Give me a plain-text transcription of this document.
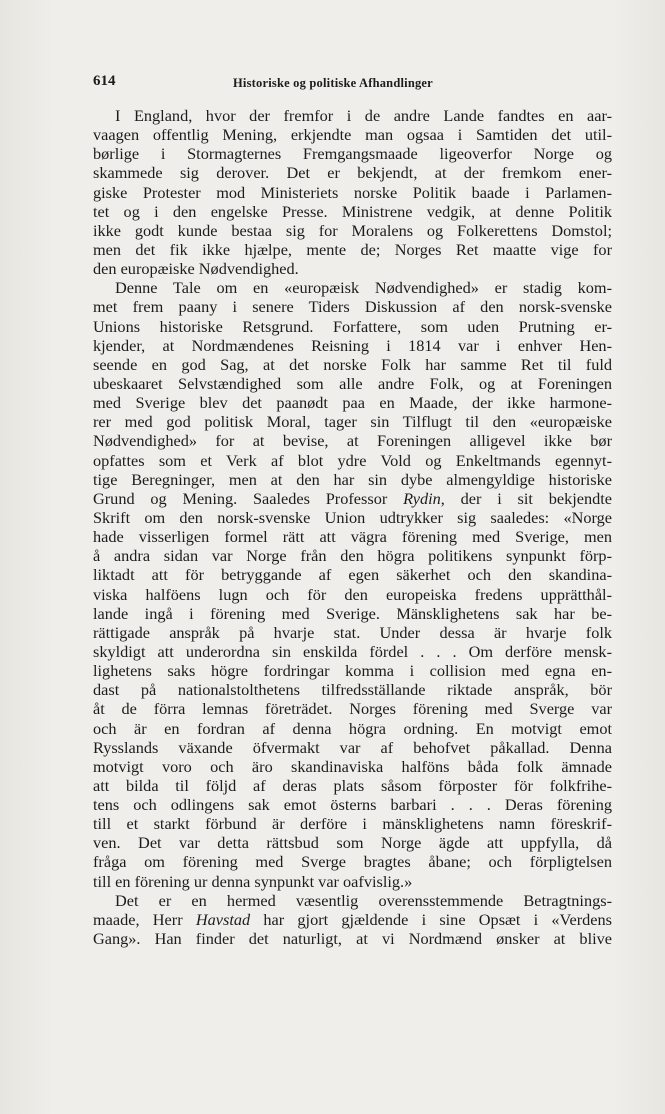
614	Historiske og politiske Afhandlinger
I England, hvor der fremfor i de andre Lande fandtes en aar-
vaagen offentlig Mening, erkjendte man ogsaa i Samtiden det util-
børlige i Stormagternes Fremgangsmaade ligeoverfor Norge og
skammede sig derover. Det er bekjendt, at der fremkom ener-
giske Protester mod Ministeriets norske Politik baade i Parlamen-
tet og i den engelske Presse. Ministrene vedgik, at denne Politik
ikke godt kunde bestaa sig for Moralens og Folkerettens Domstol;
men det fik ikke hjælpe, mente de; Norges Ret maatte vige for
den europæiske Nødvendighed.
Denne Tale om en «europæisk Nødvendighed» er stadig kom-
met frem paany i senere Tiders Diskussion af den norsk-svenske
Unions historiske Retsgrund. Forfattere, som uden Prutning er-
kjender, at Nordmændenes Reisning i 1814 var i enhver Hen-
seende en god Sag, at det norske Folk har samme Ret til fuld
ubeskaaret Selvstændighed som alle andre Folk, og at Foreningen
med Sverige blev det paanødt paa en Maade, der ikke harmone-
rer med god politisk Moral, tager sin Tilflugt til den «europæiske
Nødvendighed» for at bevise, at Foreningen alligevel ikke bør
opfattes som et Verk af blot ydre Vold og Enkeltmands egennyt-
tige Beregninger, men at den har sin dybe almengyldige historiske
Grund og Mening. Saaledes Professor Rydin, der i sit bekjendte
Skrift om den norsk-svenske Union udtrykker sig saaledes: «Norge
hade visserligen formel rätt att vägra förening med Sverige, men
å andra sidan var Norge från den högra politikens synpunkt förp-
liktadt att för betryggande af egen säkerhet och den skandina-
viska halföens lugn och för den europeiska fredens upprätthål-
lande ingå i förening med Sverige. Mänsklighetens sak har be-
rättigade anspråk på hvarje stat. Under dessa är hvarje folk
skyldigt att underordna sin enskilda fördel . . . Om derföre mensk-
lighetens saks högre fordringar komma i collision med egna en-
dast på nationalstolthetens tilfredsställande riktade anspråk, bör
åt de förra lemnas företrädet. Norges förening med Sverge var
och är en fordran af denna högra ordning. En motvigt emot
Rysslands växande öfvermakt var af behofvet påkallad. Denna
motvigt voro och äro skandinaviska halföns båda folk ämnade
att bilda til följd af deras plats såsom förposter för folkfrihe-
tens och odlingens sak emot österns barbari . . . Deras förening
till et starkt förbund är derföre i mänsklighetens namn föreskrif-
ven. Det var detta rättsbud som Norge ägde att uppfylla, då
fråga om förening med Sverge bragtes åbane; och förpligtelsen
till en förening ur denna synpunkt var oafvislig.»
Det er en hermed væsentlig overensstemmende Betragtnings-
maade, Herr Havstad har gjort gjældende i sine Opsæt i «Verdens
Gang». Han finder det naturligt, at vi Nordmænd ønsker at blive
